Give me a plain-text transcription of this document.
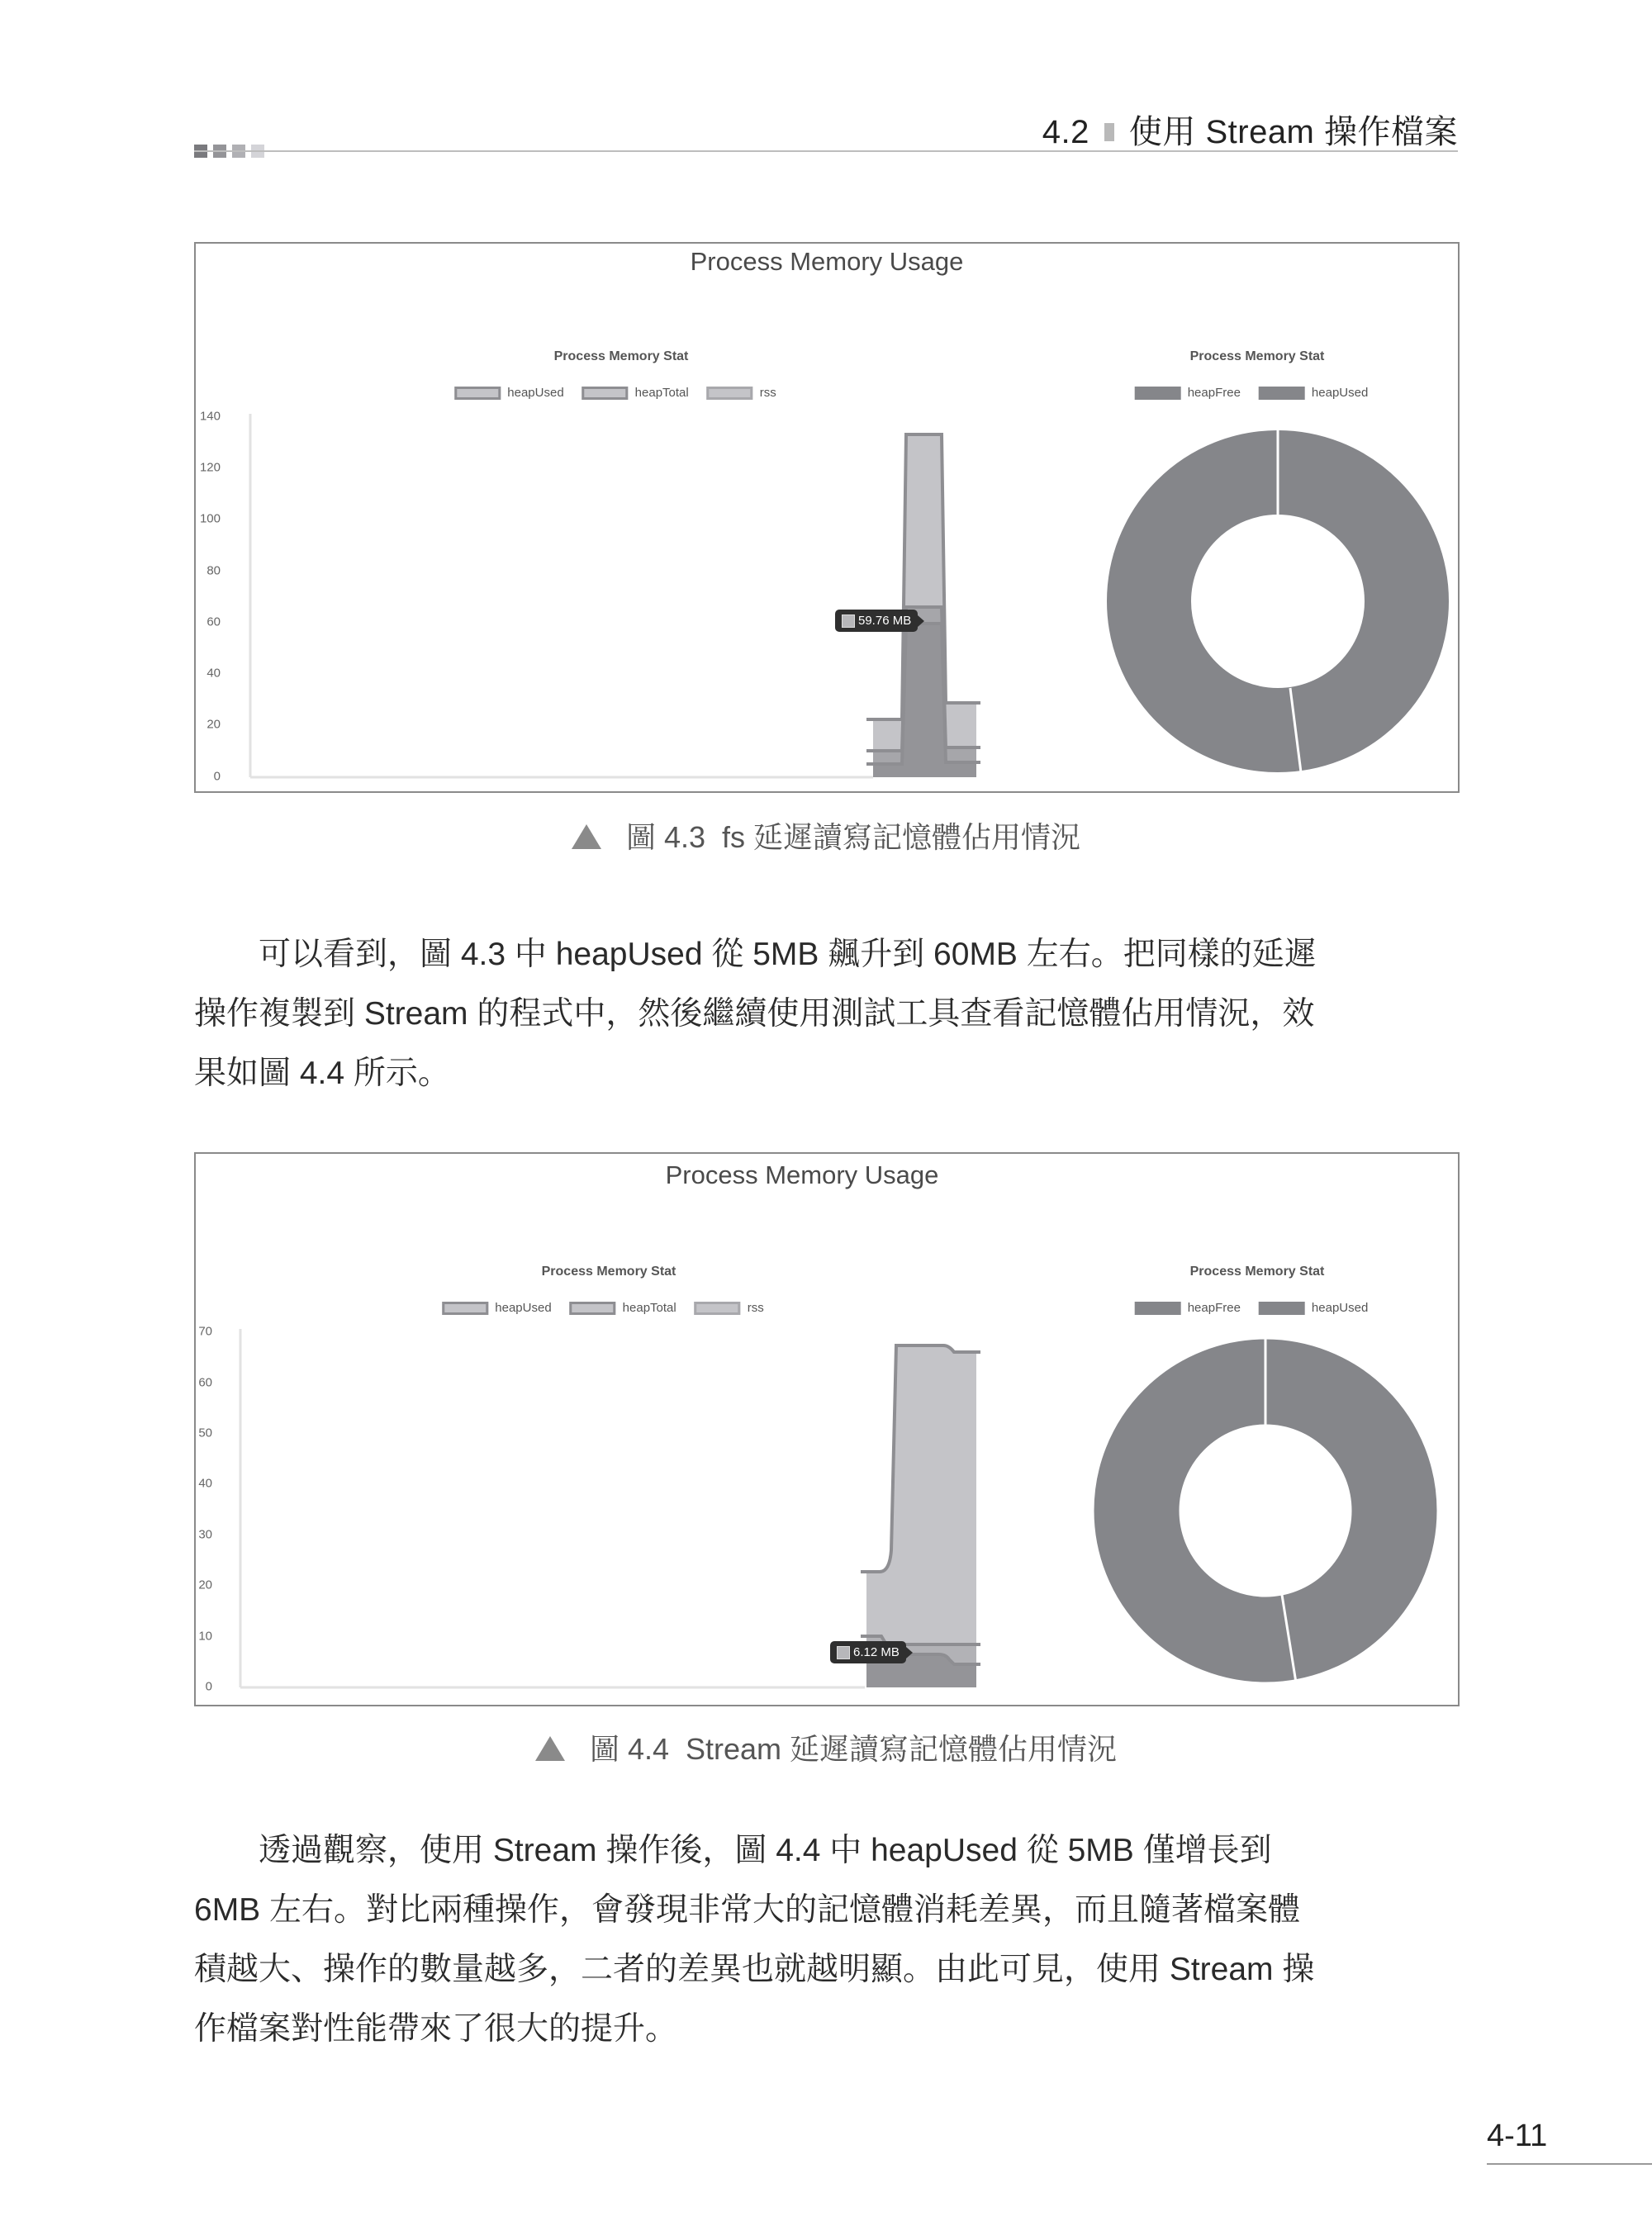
4.2 使用 Stream 操作檔案
Process Memory Usage
Process Memory Stat
heapUsed	heapTotal	rss
Process Memory Stat
heapFree	heapUsed
140
120
100
80
60
40
20
0
59.76 MB
圖 4.3 fs 延遲讀寫記憶體佔用情況
　　可以看到，圖 4.3 中 heapUsed 從 5MB 飆升到 60MB 左右。把同樣的延遲
操作複製到 Stream 的程式中，然後繼續使用測試工具查看記憶體佔用情況，效
果如圖 4.4 所示。
Process Memory Usage
Process Memory Stat
heapUsed	heapTotal	rss
Process Memory Stat
heapFree	heapUsed
70
60
50
40
30
20
10
0
6.12 MB
圖 4.4 Stream 延遲讀寫記憶體佔用情況
　　透過觀察，使用 Stream 操作後，圖 4.4 中 heapUsed 從 5MB 僅增長到
6MB 左右。對比兩種操作，會發現非常大的記憶體消耗差異，而且隨著檔案體
積越大、操作的數量越多，二者的差異也就越明顯。由此可見，使用 Stream 操
作檔案對性能帶來了很大的提升。
4-11
